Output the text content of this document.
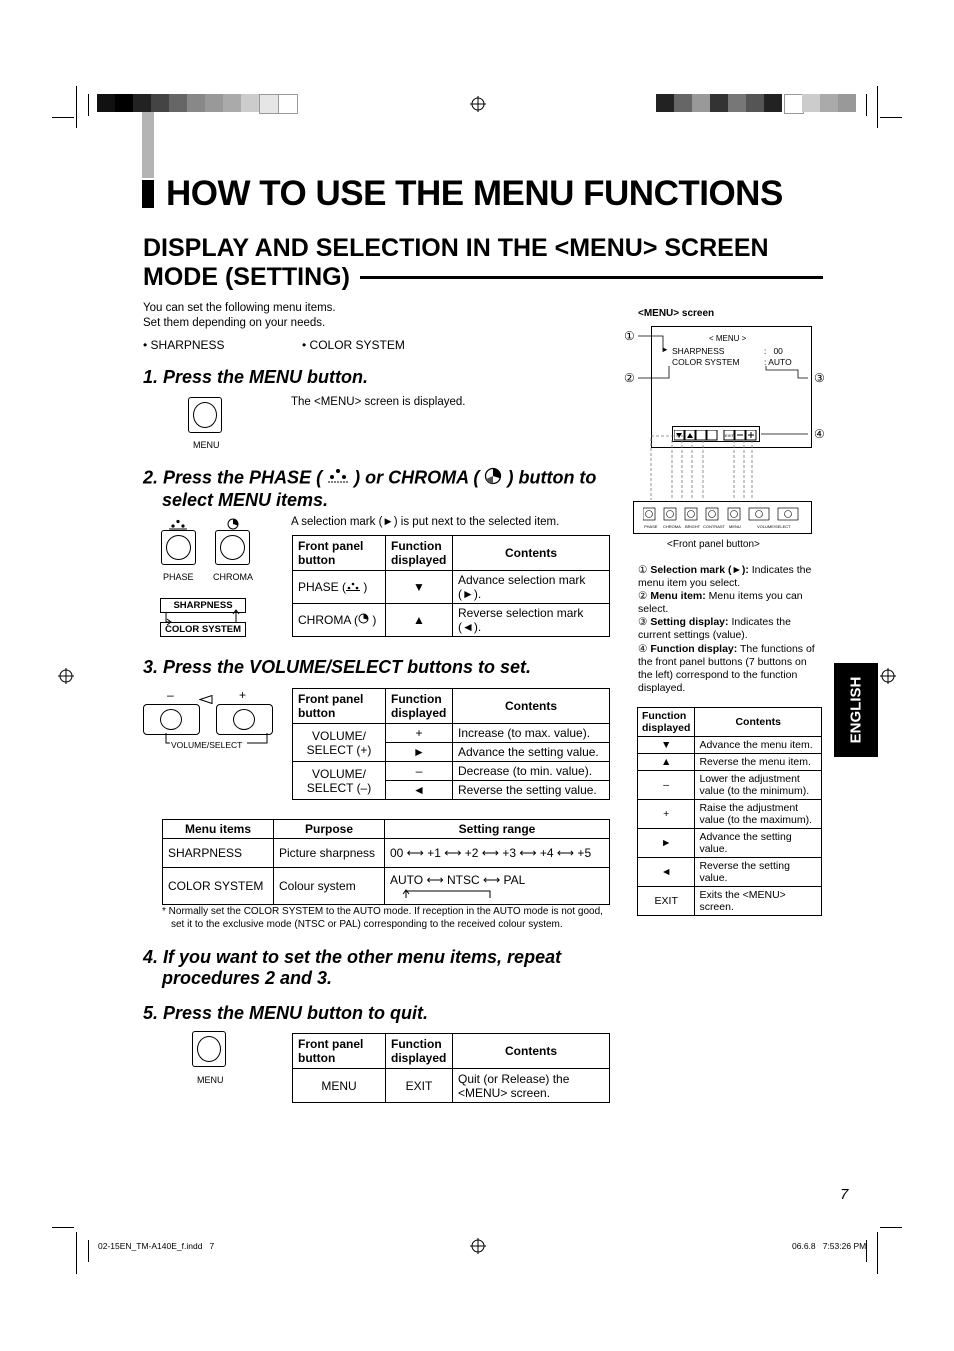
HOW TO USE THE MENU FUNCTIONS
DISPLAY AND SELECTION IN THE <MENU> SCREEN
MODE (SETTING)
You can set the following menu items.
Set them depending on your needs.
• SHARPNESS	• COLOR SYSTEM
1. Press the MENU button.
MENU
The <MENU> screen is displayed.
2. Press the PHASE ( ) or CHROMA ( ) button to
select MENU items.
PHASE CHROMA
SHARPNESS
COLOR SYSTEM
A selection mark (►) is put next to the selected item.
Front panel button	Function displayed	Contents
PHASE ( )	▼	Advance selection mark (►).
CHROMA ( )	▲	Reverse selection mark (◄).
3. Press the VOLUME/SELECT buttons to set.
–	+
VOLUME/SELECT
Front panel button	Function displayed	Contents
VOLUME/ SELECT (+)	+	Increase (to max. value).
	►	Advance the setting value.
VOLUME/ SELECT (–)	–	Decrease (to min. value).
	◄	Reverse the setting value.
Menu items	Purpose	Setting range
SHARPNESS	Picture sharpness	00 ⟷ +1 ⟷ +2 ⟷ +3 ⟷ +4 ⟷ +5
COLOR SYSTEM	Colour system	AUTO ⟷ NTSC ⟷ PAL
* Normally set the COLOR SYSTEM to the AUTO mode. If reception in the AUTO mode is not good,
set it to the exclusive mode (NTSC or PAL) corresponding to the received colour system.
4. If you want to set the other menu items, repeat
procedures 2 and 3.
5. Press the MENU button to quit.
MENU
Front panel button	Function displayed	Contents
MENU	EXIT	Quit (or Release) the <MENU> screen.
<MENU> screen
< MENU >
► SHARPNESS
COLOR SYSTEM
:   00
: AUTO
EXIT
①
②	③
④
PHASE CHROMA BRIGHT CONTRAST MENU	VOLUME/SELECT
<Front panel button>
① Selection mark (►): Indicates the menu item you select.
② Menu item: Menu items you can select.
③ Setting display: Indicates the current settings (value).
④ Function display: The functions of the front panel buttons (7 buttons on the left) correspond to the function displayed.
Function displayed	Contents
▼	Advance the menu item.
▲	Reverse the menu item.
–	Lower the adjustment value (to the minimum).
+	Raise the adjustment value (to the maximum).
►	Advance the setting value.
◄	Reverse the setting value.
EXIT	Exits the <MENU> screen.
ENGLISH
7
02-15EN_TM-A140E_f.indd   7	06.6.8   7:53:26 PM
